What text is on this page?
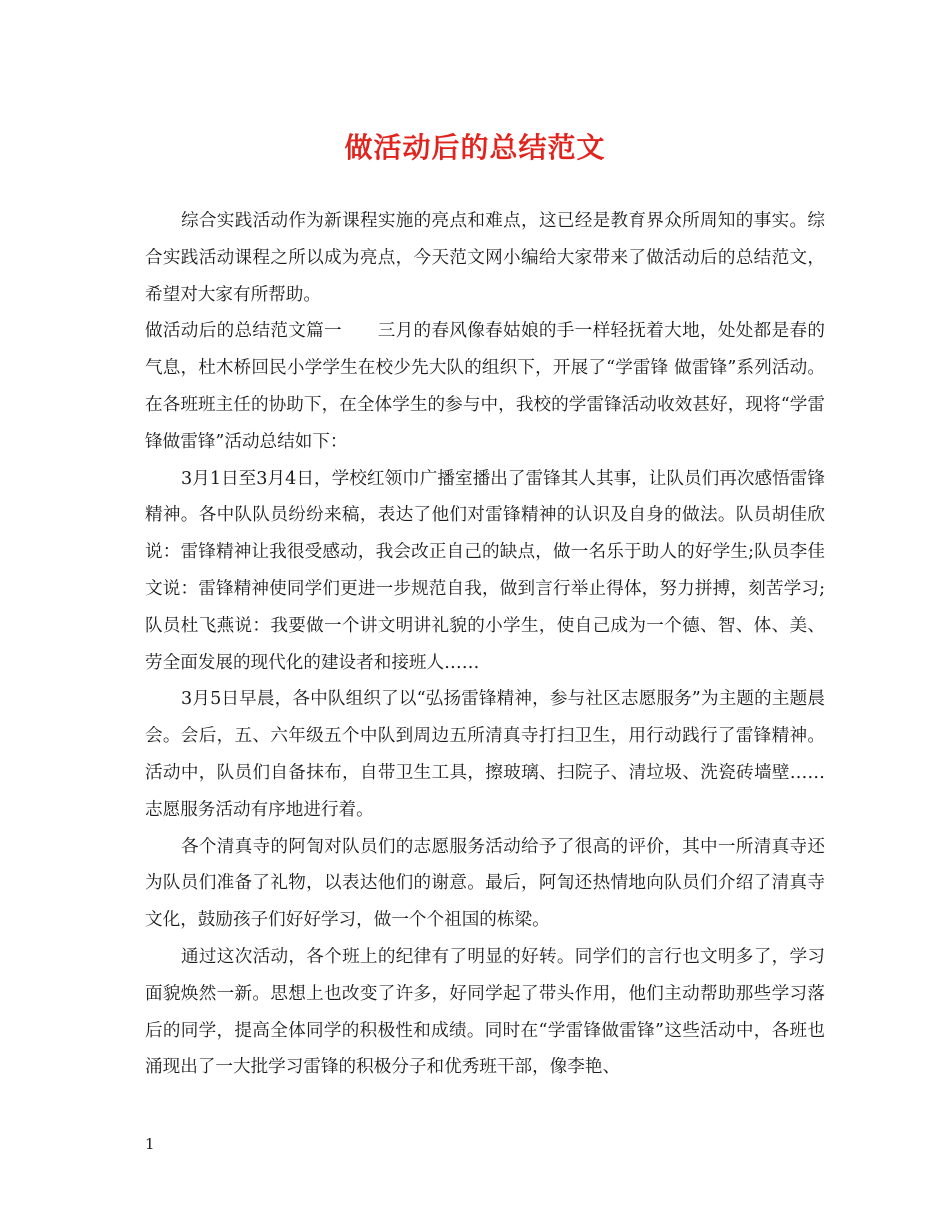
做活动后的总结范文

综合实践活动作为新课程实施的亮点和难点，这已经是教育界众所周知的事实。综合实践活动课程之所以成为亮点，今天范文网小编给大家带来了做活动后的总结范文，希望对大家有所帮助。

做活动后的总结范文篇一　　三月的春风像春姑娘的手一样轻抚着大地，处处都是春的气息，杜木桥回民小学学生在校少先大队的组织下，开展了“学雷锋 做雷锋”系列活动。在各班班主任的协助下，在全体学生的参与中，我校的学雷锋活动收效甚好，现将“学雷锋做雷锋”活动总结如下：

3月1日至3月4日，学校红领巾广播室播出了雷锋其人其事，让队员们再次感悟雷锋精神。各中队队员纷纷来稿，表达了他们对雷锋精神的认识及自身的做法。队员胡佳欣说：雷锋精神让我很受感动，我会改正自己的缺点，做一名乐于助人的好学生;队员李佳文说：雷锋精神使同学们更进一步规范自我，做到言行举止得体，努力拼搏，刻苦学习;队员杜飞燕说：我要做一个讲文明讲礼貌的小学生，使自己成为一个德、智、体、美、劳全面发展的现代化的建设者和接班人……

3月5日早晨，各中队组织了以“弘扬雷锋精神，参与社区志愿服务”为主题的主题晨会。会后，五、六年级五个中队到周边五所清真寺打扫卫生，用行动践行了雷锋精神。活动中，队员们自备抹布，自带卫生工具，擦玻璃、扫院子、清垃圾、洗瓷砖墙壁……志愿服务活动有序地进行着。

各个清真寺的阿訇对队员们的志愿服务活动给予了很高的评价，其中一所清真寺还为队员们准备了礼物，以表达他们的谢意。最后，阿訇还热情地向队员们介绍了清真寺文化，鼓励孩子们好好学习，做一个个祖国的栋梁。

通过这次活动，各个班上的纪律有了明显的好转。同学们的言行也文明多了，学习面貌焕然一新。思想上也改变了许多，好同学起了带头作用，他们主动帮助那些学习落后的同学，提高全体同学的积极性和成绩。同时在“学雷锋做雷锋”这些活动中，各班也涌现出了一大批学习雷锋的积极分子和优秀班干部，像李艳、

1
